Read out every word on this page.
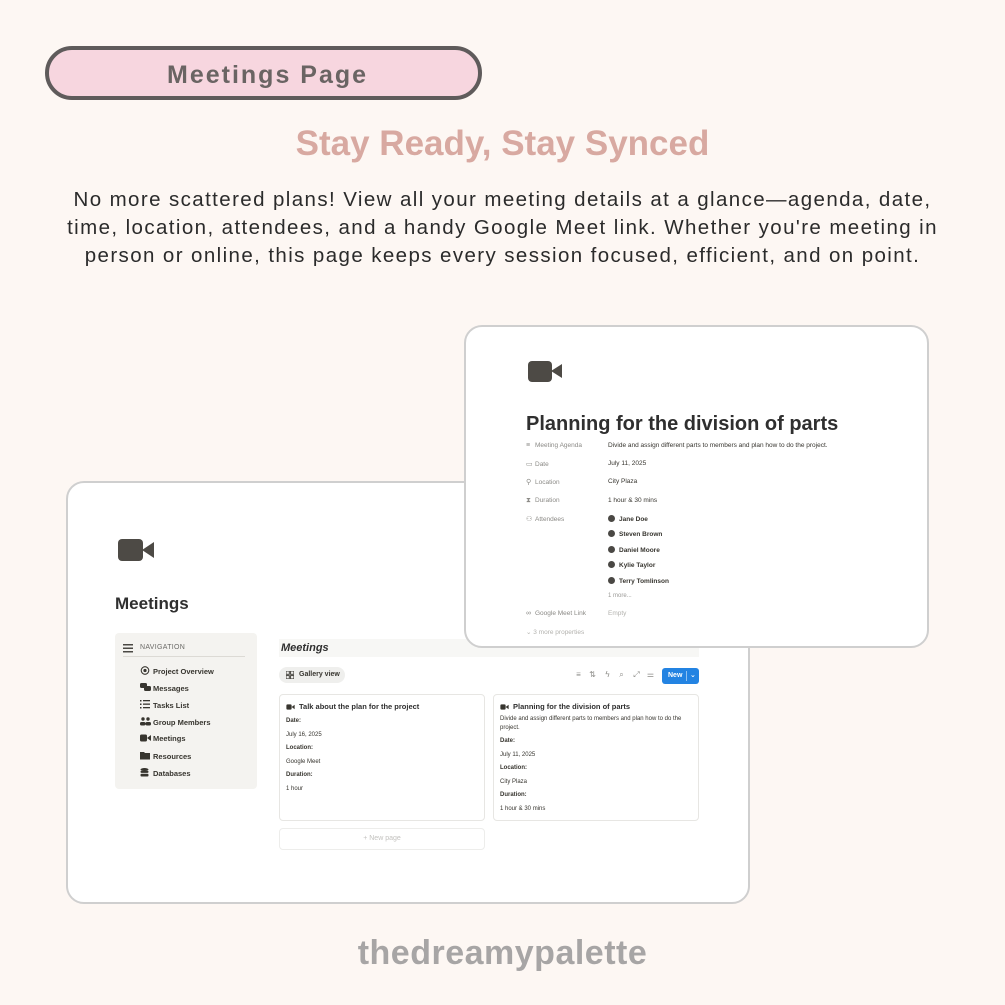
Meetings Page
Stay Ready, Stay Synced
No more scattered plans! View all your meeting details at a glance—agenda, date, time, location, attendees, and a handy Google Meet link. Whether you're meeting in person or online, this page keeps every session focused, efficient, and on point.
Meetings
NAVIGATION
Project Overview
Messages
Tasks List
Group Members
Meetings
Resources
Databases
Meetings
Gallery view	≡ ⇅ ϟ ⌕ ⤢ ⚌ New ⌄
Talk about the plan for the project
Date:
July 16, 2025
Location:
Google Meet
Duration:
1 hour
Planning for the division of parts
Divide and assign different parts to members and plan how to do the
project.
Date:
July 11, 2025
Location:
City Plaza
Duration:
1 hour & 30 mins
+ New page
Planning for the division of parts
≡ Meeting Agenda	Divide and assign different parts to members and plan how to do the project.
▭ Date	July 11, 2025
⚲ Location	City Plaza
⧗ Duration	1 hour & 30 mins
⚇ Attendees	Jane Doe
Steven Brown
Daniel Moore
Kylie Taylor
Terry Tomlinson
1 more...
∞ Google Meet Link	Empty
⌄ 3 more properties
thedreamypalette
